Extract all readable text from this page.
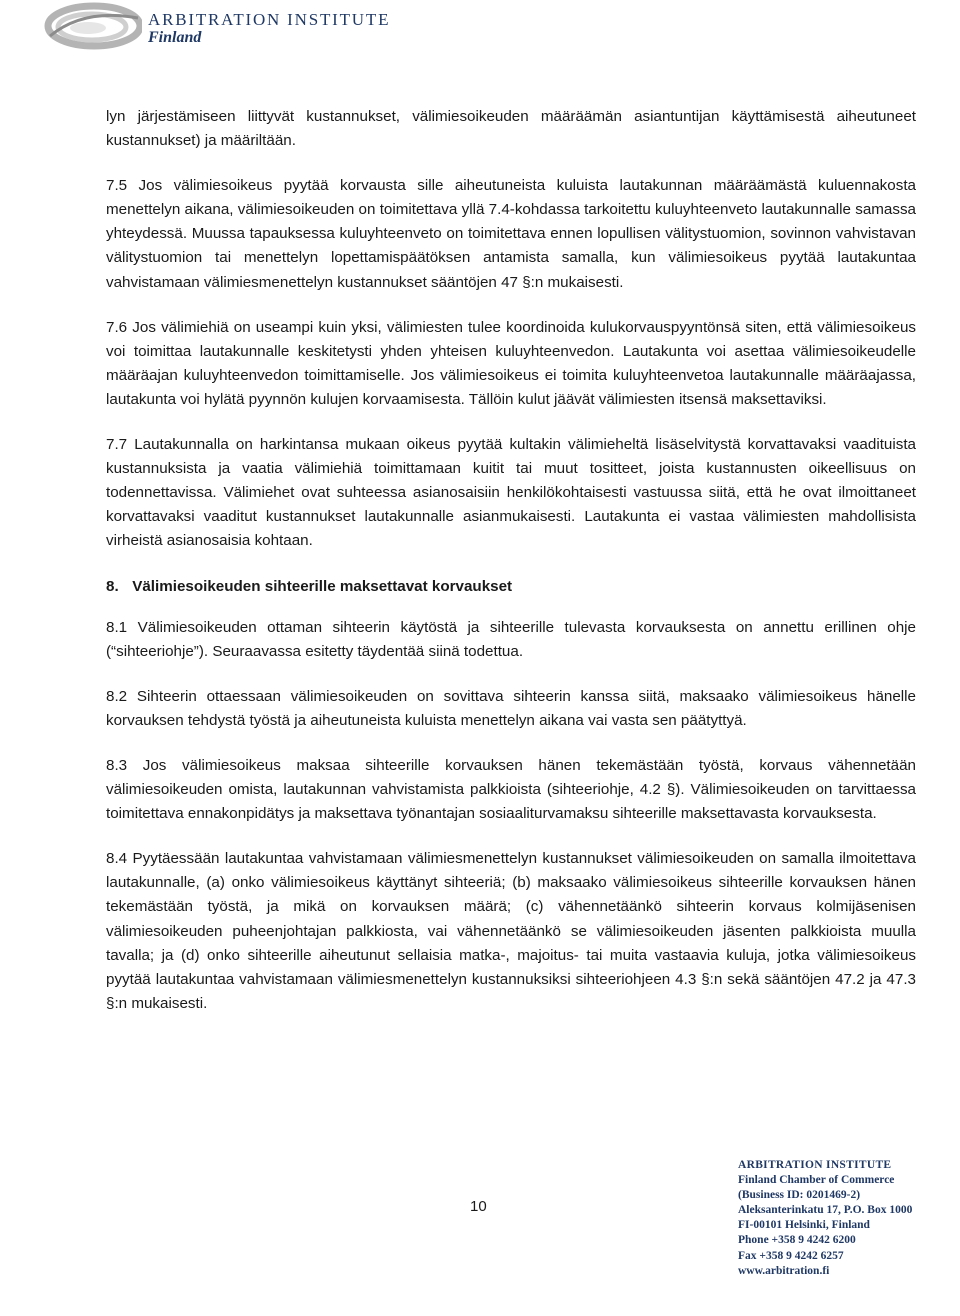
ARBITRATION INSTITUTE
Finland

lyn järjestämiseen liittyvät kustannukset, välimiesoikeuden määräämän asiantuntijan käyttämisestä aiheutuneet kustannukset) ja määriltään.

7.5 Jos välimiesoikeus pyytää korvausta sille aiheutuneista kuluista lautakunnan määräämästä kuluennakosta menettelyn aikana, välimiesoikeuden on toimitettava yllä 7.4-kohdassa tarkoitettu kuluyhteenveto lautakunnalle samassa yhteydessä. Muussa tapauksessa kuluyhteenveto on toimitettava ennen lopullisen välitystuomion, sovinnon vahvistavan välitystuomion tai menettelyn lopettamispäätöksen antamista samalla, kun välimiesoikeus pyytää lautakuntaa vahvistamaan välimiesmenettelyn kustannukset sääntöjen 47 §:n mukaisesti.

7.6 Jos välimiehiä on useampi kuin yksi, välimiesten tulee koordinoida kulukorvauspyyntönsä siten, että välimiesoikeus voi toimittaa lautakunnalle keskitetysti yhden yhteisen kuluyhteenvedon. Lautakunta voi asettaa välimiesoikeudelle määräajan kuluyhteenvedon toimittamiselle. Jos välimiesoikeus ei toimita kuluyhteenvetoa lautakunnalle määräajassa, lautakunta voi hylätä pyynnön kulujen korvaamisesta. Tällöin kulut jäävät välimiesten itsensä maksettaviksi.

7.7 Lautakunnalla on harkintansa mukaan oikeus pyytää kultakin välimieheltä lisäselvitystä korvattavaksi vaadituista kustannuksista ja vaatia välimiehiä toimittamaan kuitit tai muut tositteet, joista kustannusten oikeellisuus on todennettavissa. Välimiehet ovat suhteessa asianosaisiin henkilökohtaisesti vastuussa siitä, että he ovat ilmoittaneet korvattavaksi vaaditut kustannukset lautakunnalle asianmukaisesti. Lautakunta ei vastaa välimiesten mahdollisista virheistä asianosaisia kohtaan.

8. Välimiesoikeuden sihteerille maksettavat korvaukset

8.1 Välimiesoikeuden ottaman sihteerin käytöstä ja sihteerille tulevasta korvauksesta on annettu erillinen ohje (“sihteeriohje”). Seuraavassa esitetty täydentää siinä todettua.

8.2 Sihteerin ottaessaan välimiesoikeuden on sovittava sihteerin kanssa siitä, maksaako välimiesoikeus hänelle korvauksen tehdystä työstä ja aiheutuneista kuluista menettelyn aikana vai vasta sen päätyttyä.

8.3 Jos välimiesoikeus maksaa sihteerille korvauksen hänen tekemästään työstä, korvaus vähennetään välimiesoikeuden omista, lautakunnan vahvistamista palkkioista (sihteeriohje, 4.2 §). Välimiesoikeuden on tarvittaessa toimitettava ennakonpidätys ja maksettava työnantajan sosiaaliturvamaksu sihteerille maksettavasta korvauksesta.

8.4 Pyytäessään lautakuntaa vahvistamaan välimiesmenettelyn kustannukset välimiesoikeuden on samalla ilmoitettava lautakunnalle, (a) onko välimiesoikeus käyttänyt sihteeriä; (b) maksaako välimiesoikeus sihteerille korvauksen hänen tekemästään työstä, ja mikä on korvauksen määrä; (c) vähennetäänkö sihteerin korvaus kolmijäsenisen välimiesoikeuden puheenjohtajan palkkiosta, vai vähennetäänkö se välimiesoikeuden jäsenten palkkioista muulla tavalla; ja (d) onko sihteerille aiheutunut sellaisia matka-, majoitus- tai muita vastaavia kuluja, jotka välimiesoikeus pyytää lautakuntaa vahvistamaan välimiesmenettelyn kustannuksiksi sihteeriohjeen 4.3 §:n sekä sääntöjen 47.2 ja 47.3 §:n mukaisesti.

10
ARBITRATION INSTITUTE
Finland Chamber of Commerce
(Business ID: 0201469-2)
Aleksanterinkatu 17, P.O. Box 1000
FI-00101 Helsinki, Finland
Phone +358 9 4242 6200
Fax +358 9 4242 6257
www.arbitration.fi
